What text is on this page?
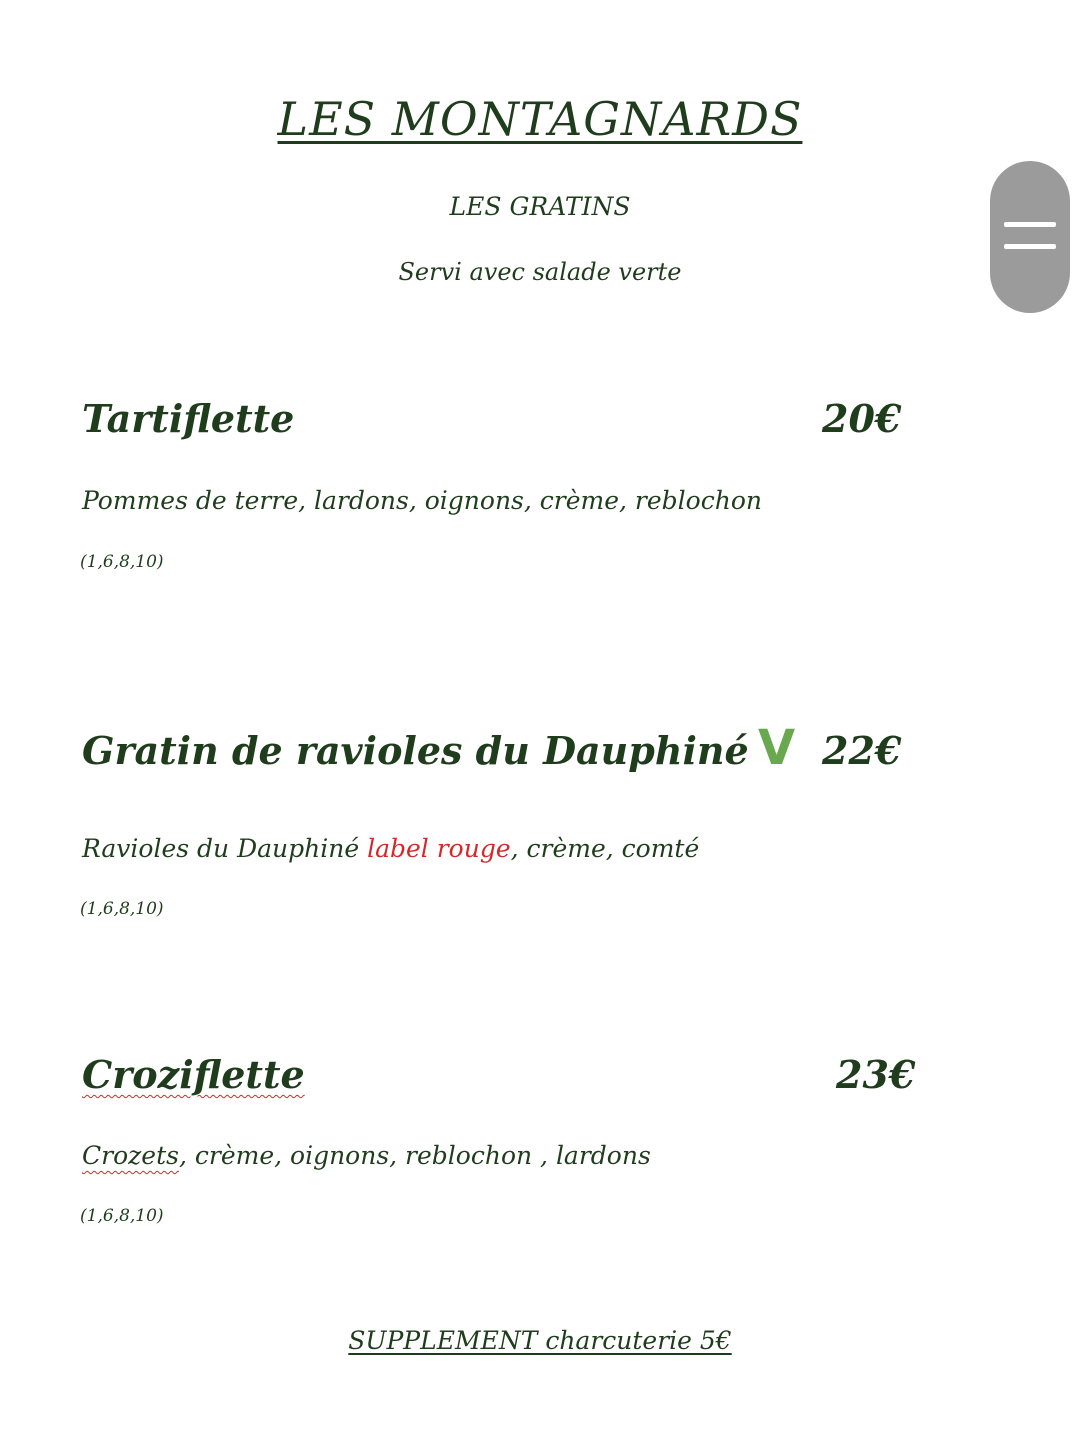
LES MONTAGNARDS
LES GRATINS
Servi avec salade verte
Tartiflette	20€
Pommes de terre, lardons, oignons, crème, reblochon
(1,6,8,10)
Gratin de ravioles du Dauphiné V 22€
Ravioles du Dauphiné label rouge, crème, comté
(1,6,8,10)
Croziflette	23€
Crozets, crème, oignons, reblochon , lardons
(1,6,8,10)
SUPPLEMENT charcuterie 5€
